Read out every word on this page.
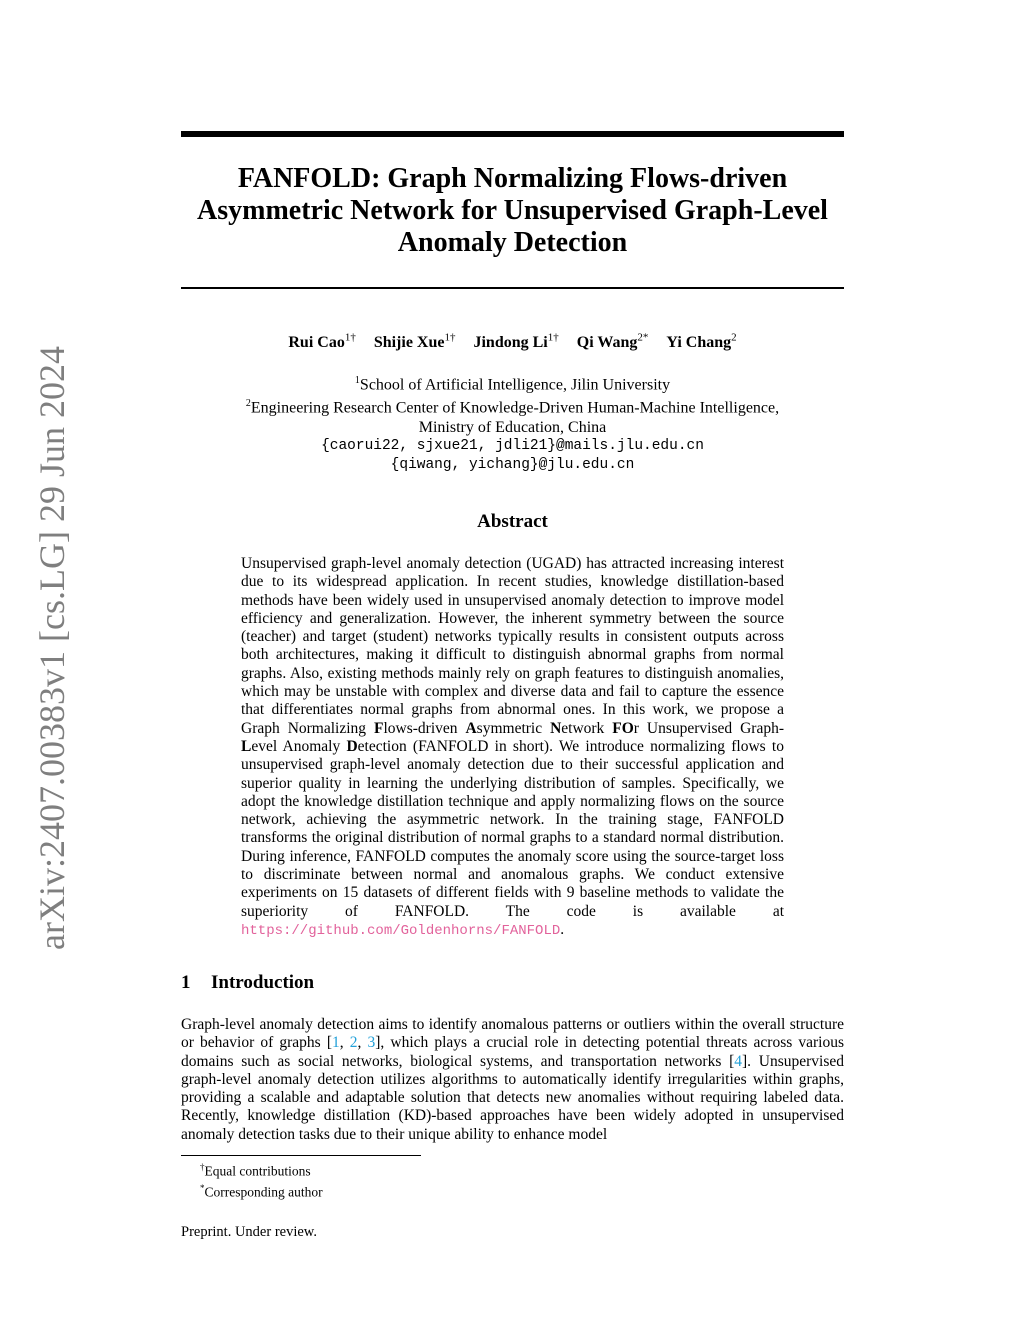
arXiv:2407.00383v1 [cs.LG] 29 Jun 2024
FANFOLD: Graph Normalizing Flows-driven
Asymmetric Network for Unsupervised Graph-Level
Anomaly Detection
Rui Cao$^{1\dagger}$ Shijie Xue$^{1\dagger}$ Jindong $Li^{1\dagger}$ Qi Wang$^{2*}$ Yi Chang$^2$
$^1$School of Artificial Intelligence, Jilin University
$^2$Engineering Research Center of Knowledge-Driven Human-Machine Intelligence,
Ministry of Education, China
{caorui22, sjxue21, jdli21}@mails.jlu.edu.cn
{qiwang, yichang}@jlu.edu.cn
Abstract
Unsupervised graph-level anomaly detection (UGAD) has attracted increasing interest due to its widespread application. In recent studies, knowledge distillation-based methods have been widely used in unsupervised anomaly detection to improve model efficiency and generalization. However, the inherent symmetry between the source (teacher) and target (student) networks typically results in consistent outputs across both architectures, making it difficult to distinguish abnormal graphs from normal graphs. Also, existing methods mainly rely on graph features to distinguish anomalies, which may be unstable with complex and diverse data and fail to capture the essence that differentiates normal graphs from abnormal ones. In this work, we propose a Graph Normalizing Flows-driven Asymmetric Network FOr Unsupervised Graph-Level Anomaly Detection (FANFOLD in short). We introduce normalizing flows to unsupervised graph-level anomaly detection due to their successful application and superior quality in learning the underlying distribution of samples. Specifically, we adopt the knowledge distillation technique and apply normalizing flows on the source network, achieving the asymmetric network. In the training stage, FANFOLD transforms the original distribution of normal graphs to a standard normal distribution. During inference, FANFOLD computes the anomaly score using the source-target loss to discriminate between normal and anomalous graphs. We conduct extensive experiments on 15 datasets of different fields with 9 baseline methods to validate the superiority of FANFOLD. The code is available at https://github.com/Goldenhorns/FANFOLD.
1 Introduction
Graph-level anomaly detection aims to identify anomalous patterns or outliers within the overall structure or behavior of graphs [1, 2, 3], which plays a crucial role in detecting potential threats across various domains such as social networks, biological systems, and transportation networks [4]. Unsupervised graph-level anomaly detection utilizes algorithms to automatically identify irregularities within graphs, providing a scalable and adaptable solution that detects new anomalies without requiring labeled data. Recently, knowledge distillation (KD)-based approaches have been widely adopted in unsupervised anomaly detection tasks due to their unique ability to enhance model
†Equal contributions
*Corresponding author
Preprint. Under review.
